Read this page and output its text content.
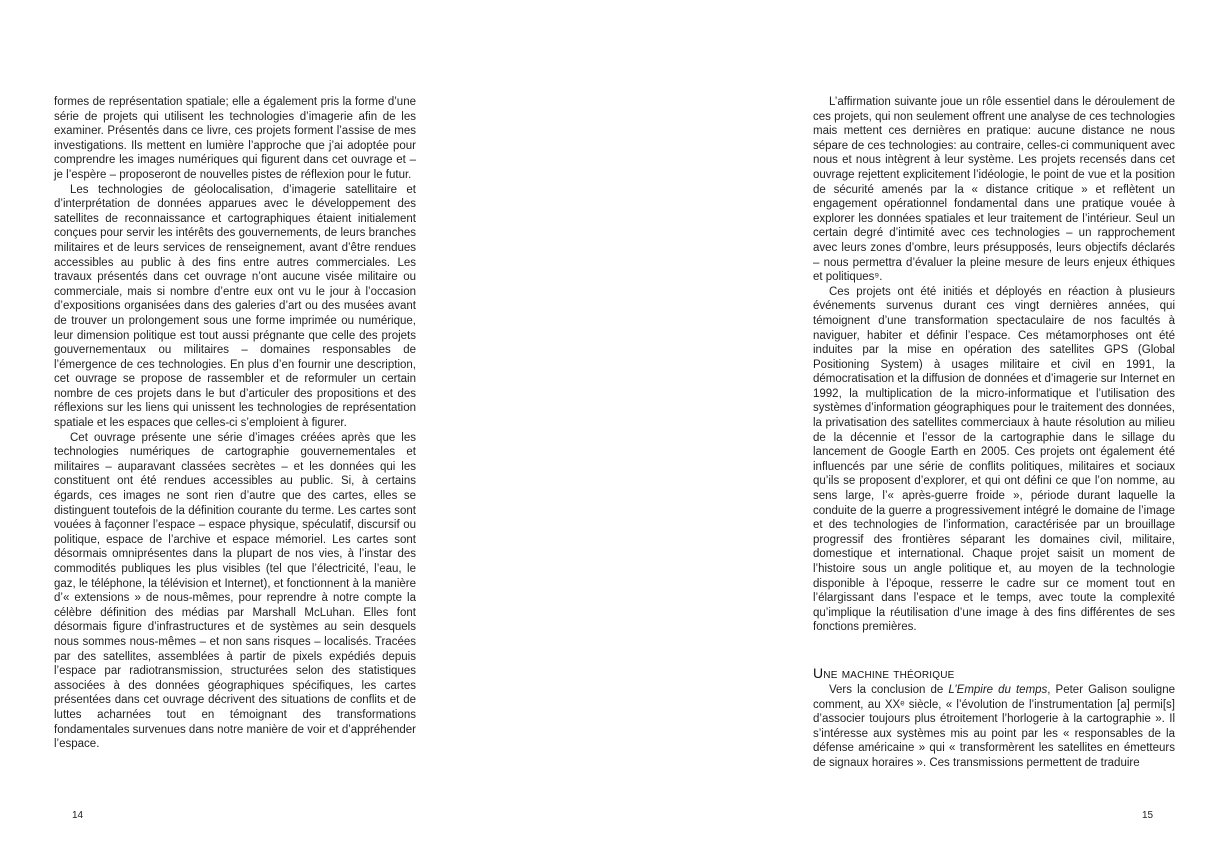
formes de représentation spatiale; elle a également pris la forme d’une série de projets qui utilisent les technologies d’imagerie afin de les examiner. Présentés dans ce livre, ces projets forment l’assise de mes investigations. Ils mettent en lumière l’approche que j’ai adoptée pour comprendre les images numériques qui figurent dans cet ouvrage et – je l’espère – proposeront de nouvelles pistes de réflexion pour le futur.

Les technologies de géolocalisation, d’imagerie satellitaire et d’interprétation de données apparues avec le développement des satellites de reconnaissance et cartographiques étaient initialement conçues pour servir les intérêts des gouvernements, de leurs branches militaires et de leurs services de renseignement, avant d’être rendues accessibles au public à des fins entre autres commerciales. Les travaux présentés dans cet ouvrage n’ont aucune visée militaire ou commerciale, mais si nombre d’entre eux ont vu le jour à l’occasion d’expositions organisées dans des galeries d’art ou des musées avant de trouver un prolongement sous une forme imprimée ou numérique, leur dimension politique est tout aussi prégnante que celle des projets gouvernementaux ou militaires – domaines responsables de l’émergence de ces technologies. En plus d’en fournir une description, cet ouvrage se propose de rassembler et de reformuler un certain nombre de ces projets dans le but d’articuler des propositions et des réflexions sur les liens qui unissent les technologies de représentation spatiale et les espaces que celles-ci s’emploient à figurer.

Cet ouvrage présente une série d’images créées après que les technologies numériques de cartographie gouvernementales et militaires – auparavant classées secrètes – et les données qui les constituent ont été rendues accessibles au public. Si, à certains égards, ces images ne sont rien d’autre que des cartes, elles se distinguent toutefois de la définition courante du terme. Les cartes sont vouées à façonner l’espace – espace physique, spéculatif, discursif ou politique, espace de l’archive et espace mémoriel. Les cartes sont désormais omniprésentes dans la plupart de nos vies, à l’instar des commodités publiques les plus visibles (tel que l’électricité, l’eau, le gaz, le téléphone, la télévision et Internet), et fonctionnent à la manière d’« extensions » de nous-mêmes, pour reprendre à notre compte la célèbre définition des médias par Marshall McLuhan. Elles font désormais figure d’infrastructures et de systèmes au sein desquels nous sommes nous-mêmes – et non sans risques – localisés. Tracées par des satellites, assemblées à partir de pixels expédiés depuis l’espace par radiotransmission, structurées selon des statistiques associées à des données géographiques spécifiques, les cartes présentées dans cet ouvrage décrivent des situations de conflits et de luttes acharnées tout en témoignant des transformations fondamentales survenues dans notre manière de voir et d’appréhender l’espace.

14

L’affirmation suivante joue un rôle essentiel dans le déroulement de ces projets, qui non seulement offrent une analyse de ces technologies mais mettent ces dernières en pratique: aucune distance ne nous sépare de ces technologies: au contraire, celles-ci communiquent avec nous et nous intègrent à leur système. Les projets recensés dans cet ouvrage rejettent explicitement l’idéologie, le point de vue et la position de sécurité amenés par la « distance critique » et reflètent un engagement opérationnel fondamental dans une pratique vouée à explorer les données spatiales et leur traitement de l’intérieur. Seul un certain degré d’intimité avec ces technologies – un rapprochement avec leurs zones d’ombre, leurs présupposés, leurs objectifs déclarés – nous permettra d’évaluer la pleine mesure de leurs enjeux éthiques et politiques⁹.

Ces projets ont été initiés et déployés en réaction à plusieurs événements survenus durant ces vingt dernières années, qui témoignent d’une transformation spectaculaire de nos facultés à naviguer, habiter et définir l’espace. Ces métamorphoses ont été induites par la mise en opération des satellites GPS (Global Positioning System) à usages militaire et civil en 1991, la démocratisation et la diffusion de données et d’imagerie sur Internet en 1992, la multiplication de la micro-informatique et l’utilisation des systèmes d’information géographiques pour le traitement des données, la privatisation des satellites commerciaux à haute résolution au milieu de la décennie et l’essor de la cartographie dans le sillage du lancement de Google Earth en 2005. Ces projets ont également été influencés par une série de conflits politiques, militaires et sociaux qu’ils se proposent d’explorer, et qui ont défini ce que l’on nomme, au sens large, l’« après-guerre froide », période durant laquelle la conduite de la guerre a progressivement intégré le domaine de l’image et des technologies de l’information, caractérisée par un brouillage progressif des frontières séparant les domaines civil, militaire, domestique et international. Chaque projet saisit un moment de l’histoire sous un angle politique et, au moyen de la technologie disponible à l’époque, resserre le cadre sur ce moment tout en l’élargissant dans l’espace et le temps, avec toute la complexité qu’implique la réutilisation d’une image à des fins différentes de ses fonctions premières.

Une machine théorique

Vers la conclusion de L’Empire du temps, Peter Galison souligne comment, au XXᵉ siècle, « l’évolution de l’instrumentation [a] permi[s] d’associer toujours plus étroitement l’horlogerie à la cartographie ». Il s’intéresse aux systèmes mis au point par les « responsables de la défense américaine » qui « transformèrent les satellites en émetteurs de signaux horaires ». Ces transmissions permettent de traduire

15
